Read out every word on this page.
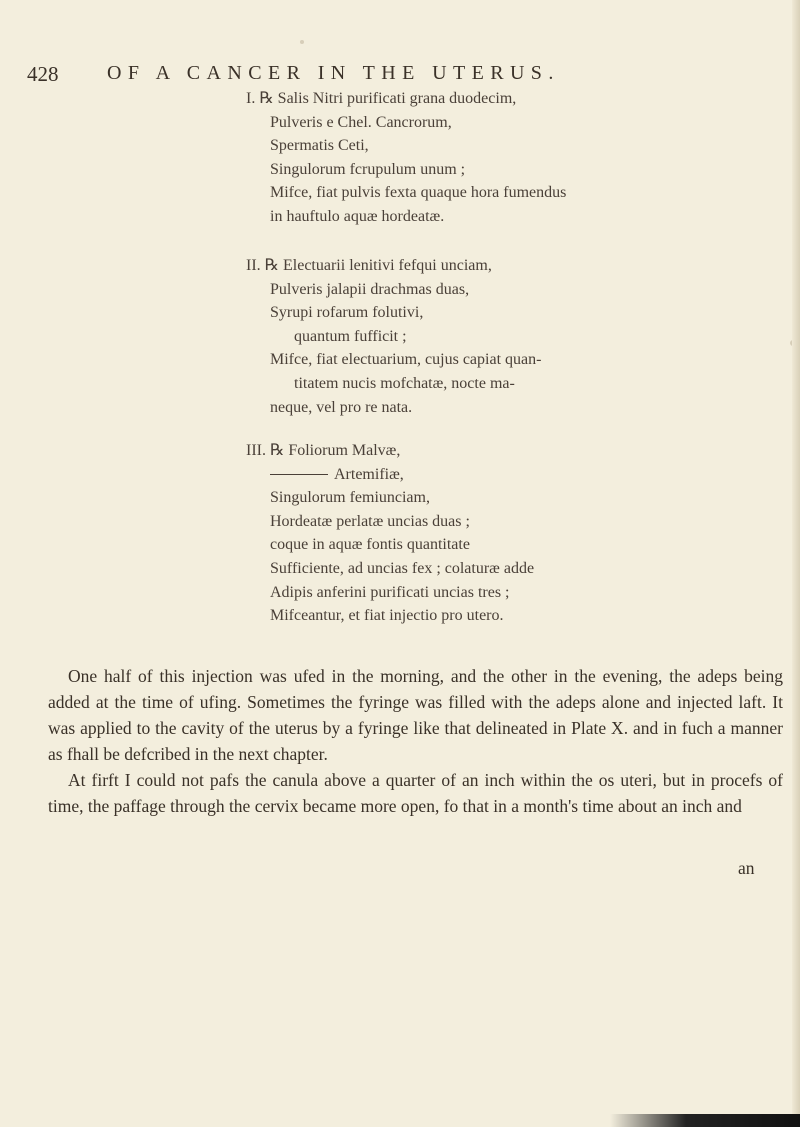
428 OF A CANCER IN THE UTERUS.
I. ℞ Salis Nitri purificati grana duodecim,
Pulveris e Chel. Cancrorum,
Spermatis Ceti,
Singulorum fcrupulum unum ;
Mifce, fiat pulvis fexta quaque hora fumendus
in hauftulo aquæ hordeatæ.
II. ℞ Electuarii lenitivi fefqui unciam,
Pulveris jalapii drachmas duas,
Syrupi rofarum folutivi,
quantum fufficit ;
Mifce, fiat electuarium, cujus capiat quan-
titatem nucis mofchatæ, nocte ma-
neque, vel pro re nata.
III. ℞ Foliorum Malvæ,
Artemifiæ,
Singulorum femiunciam,
Hordeatæ perlatæ uncias duas ;
coque in aquæ fontis quantitate
Sufficiente, ad uncias fex ; colaturæ adde
Adipis anferini purificati uncias tres ;
Mifceantur, et fiat injectio pro utero.

One half of this injection was ufed in the morning, and the other in the evening, the adeps being added at the time of ufing. Sometimes the fyringe was filled with the adeps alone and injected laft. It was applied to the cavity of the uterus by a fyringe like that delineated in Plate X. and in fuch a manner as fhall be defcribed in the next chapter.

At firft I could not pafs the canula above a quarter of an inch within the os uteri, but in procefs of time, the paffage through the cervix became more open, fo that in a month's time about an inch and

an
